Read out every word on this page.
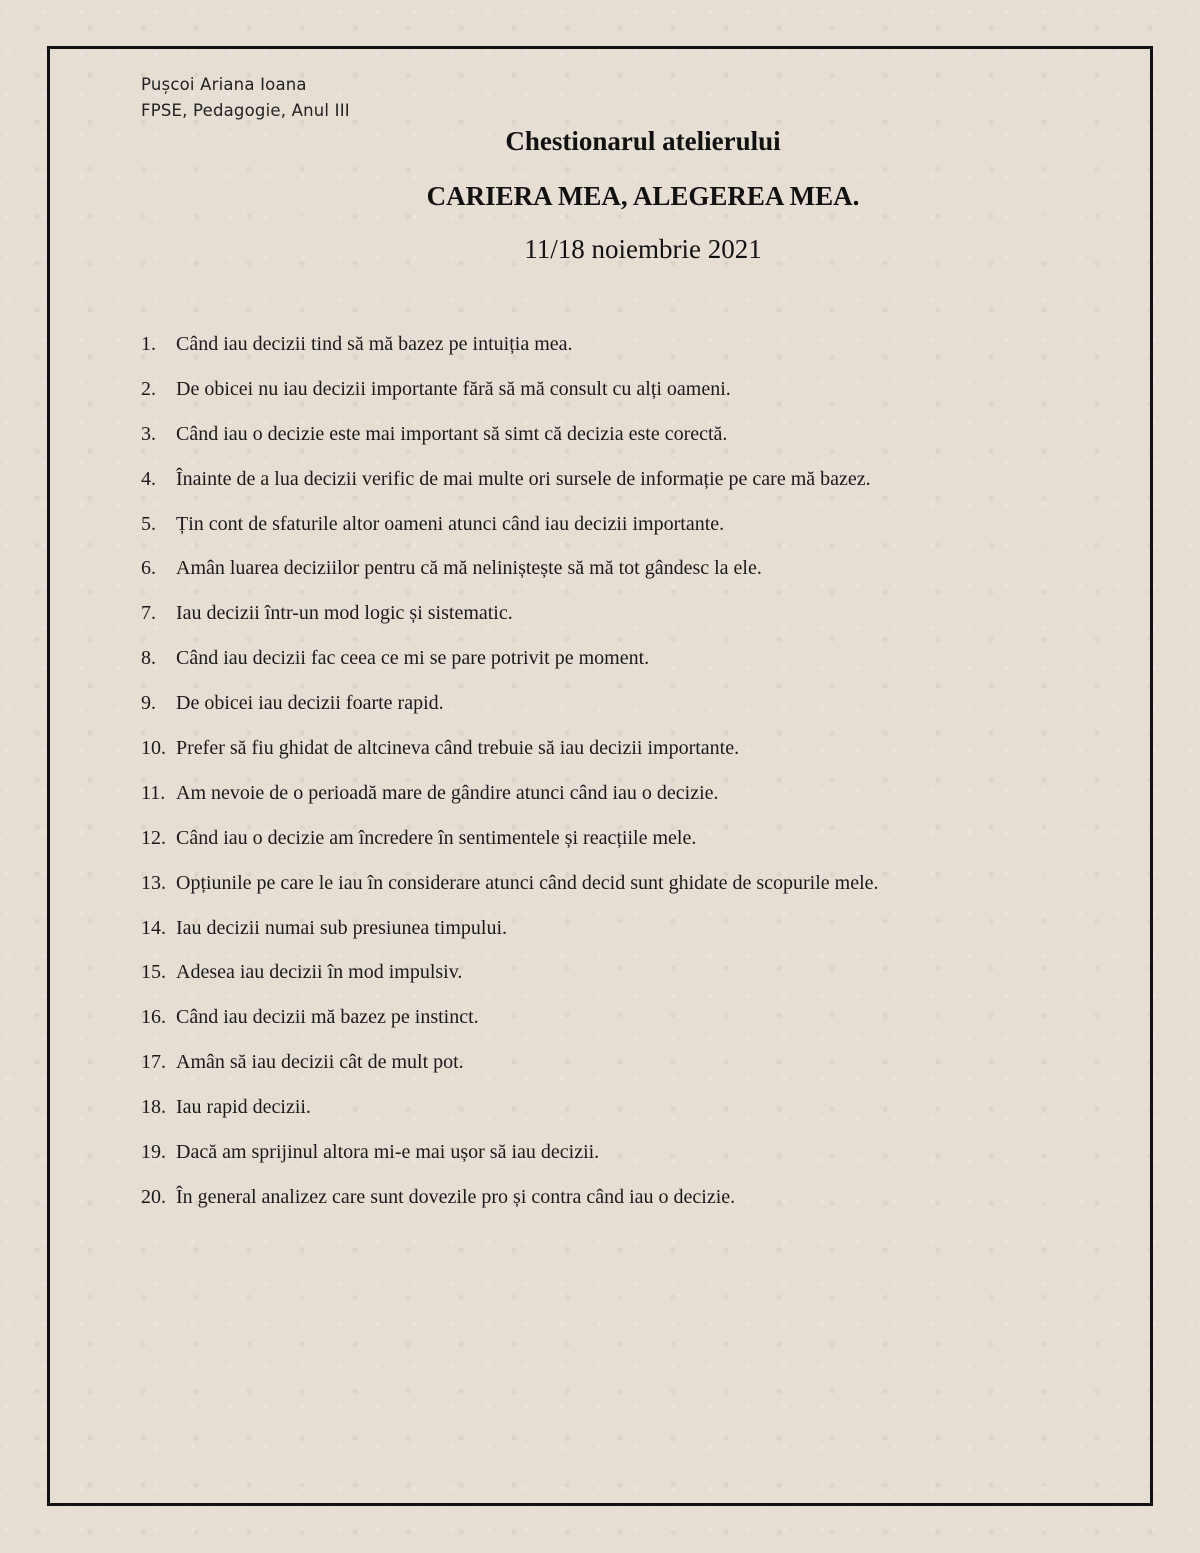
Pușcoi Ariana Ioana
FPSE, Pedagogie, Anul III
Chestionarul atelierului
CARIERA MEA, ALEGEREA MEA.
11/18 noiembrie 2021
1.	Când iau decizii tind să mă bazez pe intuiția mea.
2.	De obicei nu iau decizii importante fără să mă consult cu alți oameni.
3.	Când iau o decizie este mai important să simt că decizia este corectă.
4.	Înainte de a lua decizii verific de mai multe ori sursele de informație pe care mă bazez.
5.	Țin cont de sfaturile altor oameni atunci când iau decizii importante.
6.	Amân luarea deciziilor pentru că mă neliniștește să mă tot gândesc la ele.
7.	Iau decizii într-un mod logic și sistematic.
8.	Când iau decizii fac ceea ce mi se pare potrivit pe moment.
9.	De obicei iau decizii foarte rapid.
10. Prefer să fiu ghidat de altcineva când trebuie să iau decizii importante.
11. Am nevoie de o perioadă mare de gândire atunci când iau o decizie.
12. Când iau o decizie am încredere în sentimentele și reacțiile mele.
13. Opțiunile pe care le iau în considerare atunci când decid sunt ghidate de scopurile mele.
14. Iau decizii numai sub presiunea timpului.
15. Adesea iau decizii în mod impulsiv.
16. Când iau decizii mă bazez pe instinct.
17. Amân să iau decizii cât de mult pot.
18. Iau rapid decizii.
19. Dacă am sprijinul altora mi-e mai ușor să iau decizii.
20. În general analizez care sunt dovezile pro și contra când iau o decizie.
